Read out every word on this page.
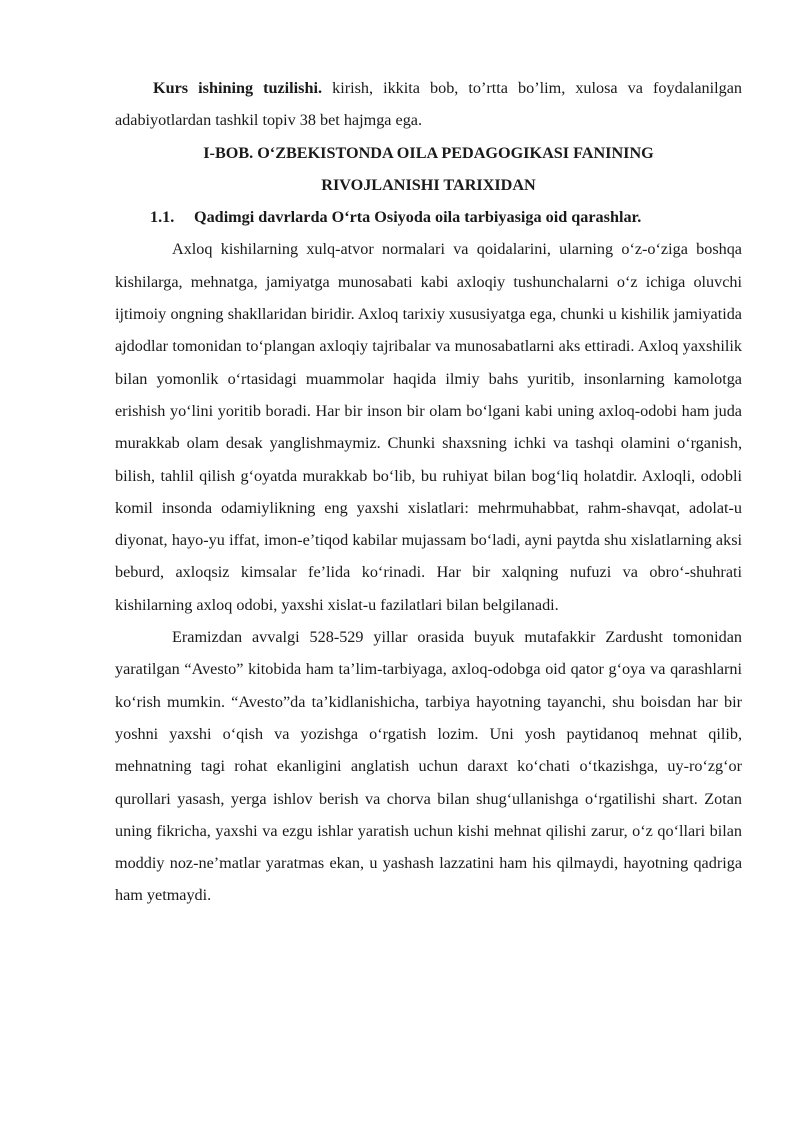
Kurs ishining tuzilishi. kirish, ikkita bob, to’rtta bo’lim, xulosa va foydalanilgan adabiyotlardan tashkil topiv 38 bet hajmga ega.

I-BOB. O‘ZBEKISTONDA OILA PEDAGOGIKASI FANINING

RIVOJLANISHI TARIXIDAN

1.1. Qadimgi davrlarda O‘rta Osiyoda oila tarbiyasiga oid qarashlar.

Axloq kishilarning xulq-atvor normalari va qoidalarini, ularning o‘z-o‘ziga boshqa kishilarga, mehnatga, jamiyatga munosabati kabi axloqiy tushunchalarni o‘z ichiga oluvchi ijtimoiy ongning shakllaridan biridir. Axloq tarixiy xususiyatga ega, chunki u kishilik jamiyatida ajdodlar tomonidan to‘plangan axloqiy tajribalar va munosabatlarni aks ettiradi. Axloq yaxshilik bilan yomonlik o‘rtasidagi muammolar haqida ilmiy bahs yuritib, insonlarning kamolotga erishish yo‘lini yoritib boradi. Har bir inson bir olam bo‘lgani kabi uning axloq-odobi ham juda murakkab olam desak yanglishmaymiz. Chunki shaxsning ichki va tashqi olamini o‘rganish, bilish, tahlil qilish g‘oyatda murakkab bo‘lib, bu ruhiyat bilan bog‘liq holatdir. Axloqli, odobli komil insonda odamiylikning eng yaxshi xislatlari: mehrmuhabbat, rahm-shavqat, adolat-u diyonat, hayo-yu iffat, imon-e’tiqod kabilar mujassam bo‘ladi, ayni paytda shu xislatlarning aksi beburd, axloqsiz kimsalar fe’lida ko‘rinadi. Har bir xalqning nufuzi va obro‘-shuhrati kishilarning axloq odobi, yaxshi xislat-u fazilatlari bilan belgilanadi.

Eramizdan avvalgi 528-529 yillar orasida buyuk mutafakkir Zardusht tomonidan yaratilgan “Avesto” kitobida ham ta’lim-tarbiyaga, axloq-odobga oid qator g‘oya va qarashlarni ko‘rish mumkin. “Avesto”da ta’kidlanishicha, tarbiya hayotning tayanchi, shu boisdan har bir yoshni yaxshi o‘qish va yozishga o‘rgatish lozim. Uni yosh paytidanoq mehnat qilib, mehnatning tagi rohat ekanligini anglatish uchun daraxt ko‘chati o‘tkazishga, uy-ro‘zg‘or qurollari yasash, yerga ishlov berish va chorva bilan shug‘ullanishga o‘rgatilishi shart. Zotan uning fikricha, yaxshi va ezgu ishlar yaratish uchun kishi mehnat qilishi zarur, o‘z qo‘llari bilan moddiy noz-ne’matlar yaratmas ekan, u yashash lazzatini ham his qilmaydi, hayotning qadriga ham yetmaydi.
